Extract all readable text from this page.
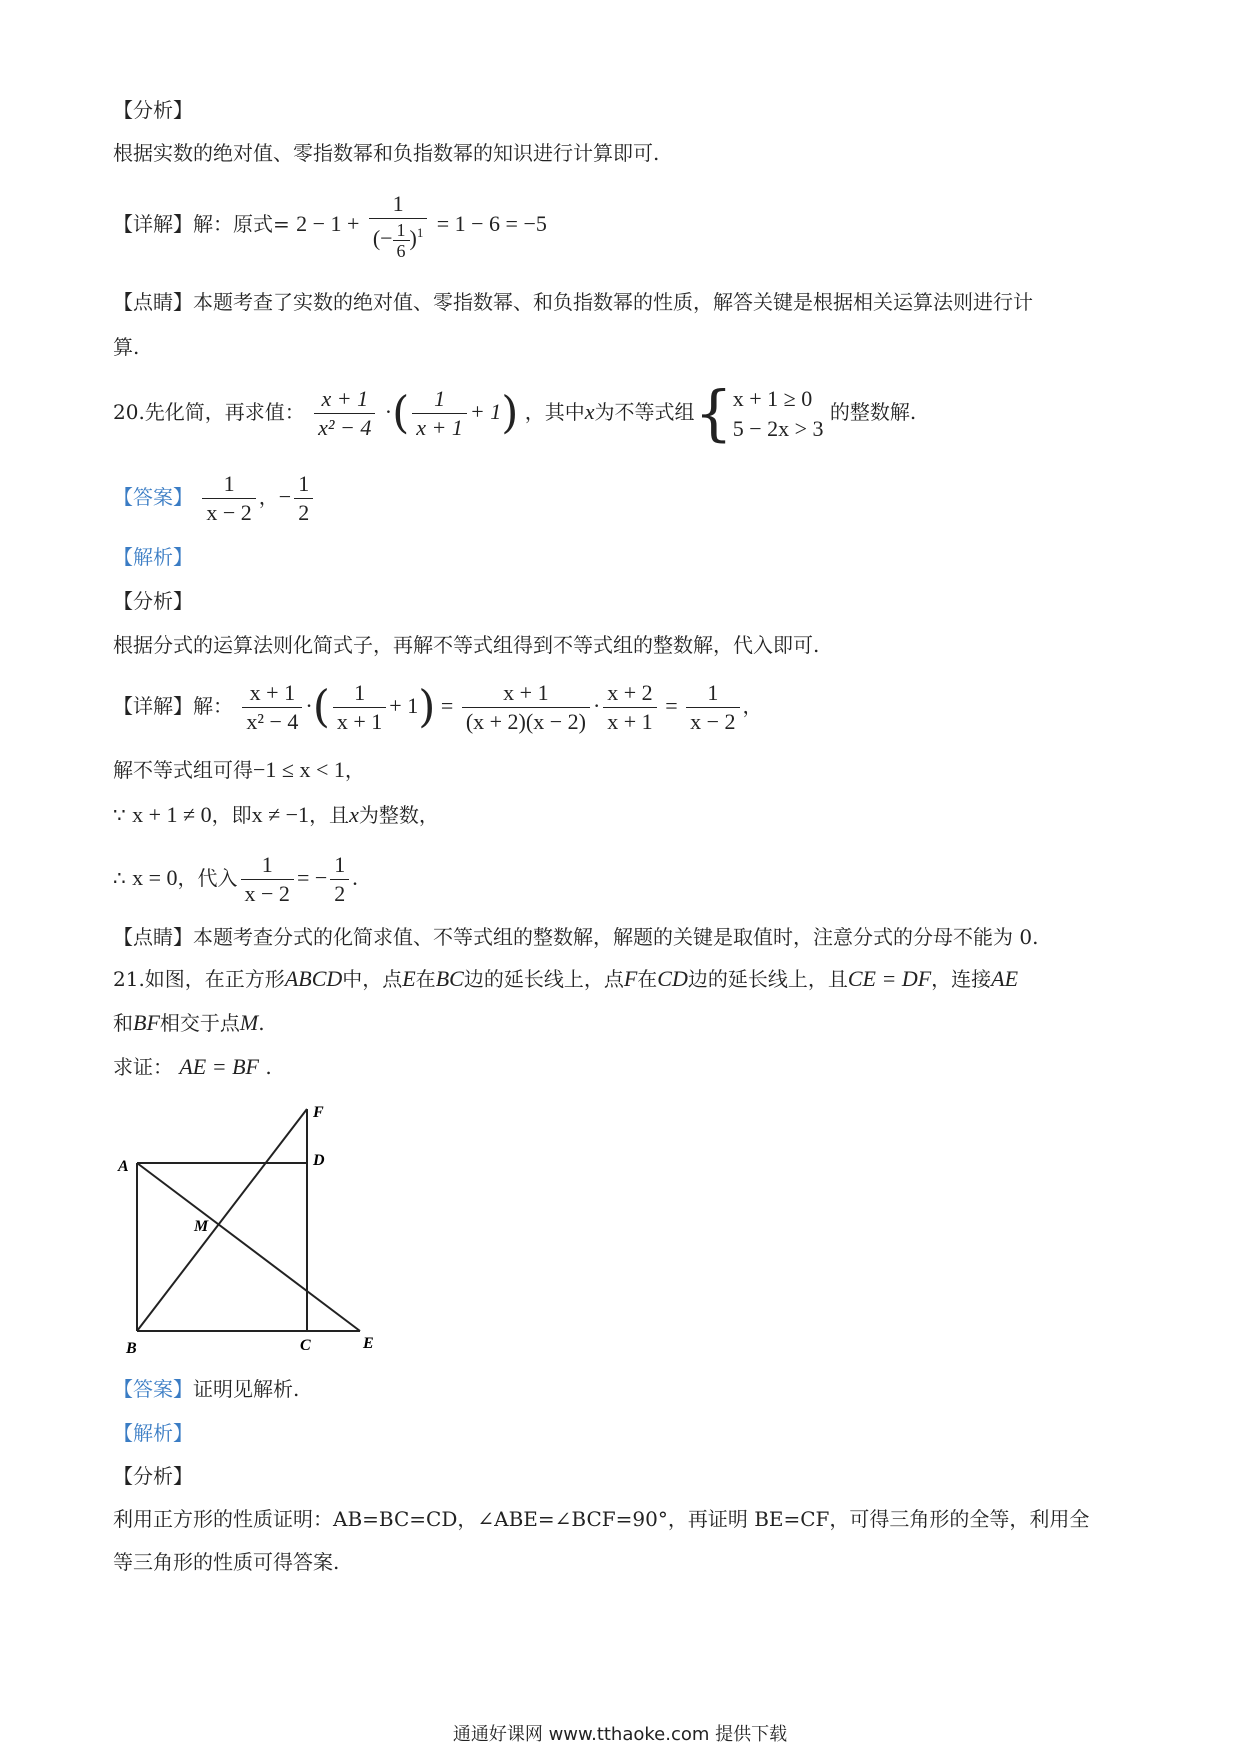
【分析】
根据实数的绝对值、零指数幂和负指数幂的知识进行计算即可.
【详解】解：原式= $2 - 1 + \frac{1}{(- \frac{1}{6} )^1} = 1 - 6 = -5$
【点睛】本题考查了实数的绝对值、零指数幂、和负指数幂的性质，解答关键是根据相关运算法则进行计
算.
20.先化简，再求值： $\frac{x + 1}{\text{x² − 4}}$ ·( $\frac{1}{x + 1} + 1$) ，其中x为不等式组{ x + 1 ≥ 0
5 − 2x > 3
的整数解.
【答案】 $\frac{1}{x - 2}$ ，− $\frac{1}{2}$
【解析】
【分析】
根据分式的运算法则化简式子，再解不等式组得到不等式组的整数解，代入即可.
【详解】解： $\frac{x + 1}{\text{x² − 4}}$ ·( $\frac{1}{x + 1} + 1) = \frac{x + 1}{(x + 2)(x - 2)} \cdot \frac{x + 2}{x + 1} = \frac{1}{x - 2}$ ，
解不等式组可得−1 ≤ x < 1，
∵ x + 1 ≠ 0，即x ≠ −1，且x为整数，
∴ x = 0，代入 $\frac{1}{x - 2}$ = − $\frac{1}{2}$ .
【点睛】本题考查分式的化简求值、不等式组的整数解，解题的关键是取值时，注意分式的分母不能为 0.
21.如图，在正方形ABCD中，点E在BC边的延长线上，点F在CD边的延长线上，且CE = DF，连接AE
和BF相交于点M.
求证： AE = BF .
F
A	D
M
B	C	E
【答案】证明见解析.
【解析】
【分析】
利用正方形的性质证明：AB=BC=CD，∠ABE=∠BCF=90°，再证明 BE=CF，可得三角形的全等，利用全
等三角形的性质可得答案.
通通好课网 www.tthaoke.com 提供下载
